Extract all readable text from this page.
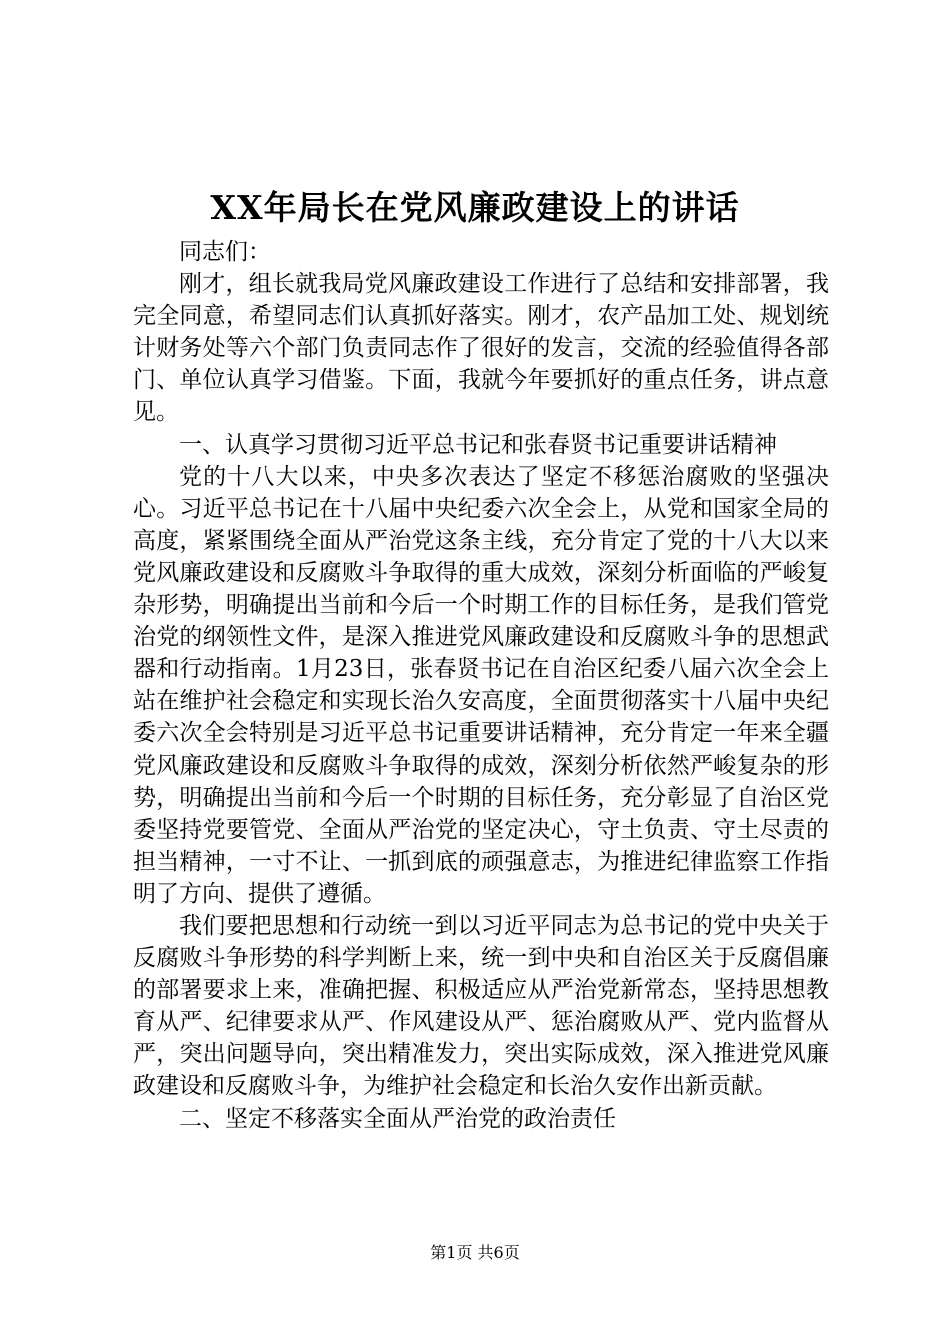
XX年局长在党风廉政建设上的讲话

同志们：

刚才，组长就我局党风廉政建设工作进行了总结和安排部署，我完全同意，希望同志们认真抓好落实。刚才，农产品加工处、规划统计财务处等六个部门负责同志作了很好的发言，交流的经验值得各部门、单位认真学习借鉴。下面，我就今年要抓好的重点任务，讲点意见。

一、认真学习贯彻习近平总书记和张春贤书记重要讲话精神

党的十八大以来，中央多次表达了坚定不移惩治腐败的坚强决心。习近平总书记在十八届中央纪委六次全会上，从党和国家全局的高度，紧紧围绕全面从严治党这条主线，充分肯定了党的十八大以来党风廉政建设和反腐败斗争取得的重大成效，深刻分析面临的严峻复杂形势，明确提出当前和今后一个时期工作的目标任务，是我们管党治党的纲领性文件，是深入推进党风廉政建设和反腐败斗争的思想武器和行动指南。1月23日，张春贤书记在自治区纪委八届六次全会上站在维护社会稳定和实现长治久安高度，全面贯彻落实十八届中央纪委六次全会特别是习近平总书记重要讲话精神，充分肯定一年来全疆党风廉政建设和反腐败斗争取得的成效，深刻分析依然严峻复杂的形势，明确提出当前和今后一个时期的目标任务，充分彰显了自治区党委坚持党要管党、全面从严治党的坚定决心，守土负责、守土尽责的担当精神，一寸不让、一抓到底的顽强意志，为推进纪律监察工作指明了方向、提供了遵循。

我们要把思想和行动统一到以习近平同志为总书记的党中央关于反腐败斗争形势的科学判断上来，统一到中央和自治区关于反腐倡廉的部署要求上来，准确把握、积极适应从严治党新常态，坚持思想教育从严、纪律要求从严、作风建设从严、惩治腐败从严、党内监督从严，突出问题导向，突出精准发力，突出实际成效，深入推进党风廉政建设和反腐败斗争，为维护社会稳定和长治久安作出新贡献。

二、坚定不移落实全面从严治党的政治责任

第1页 共6页
